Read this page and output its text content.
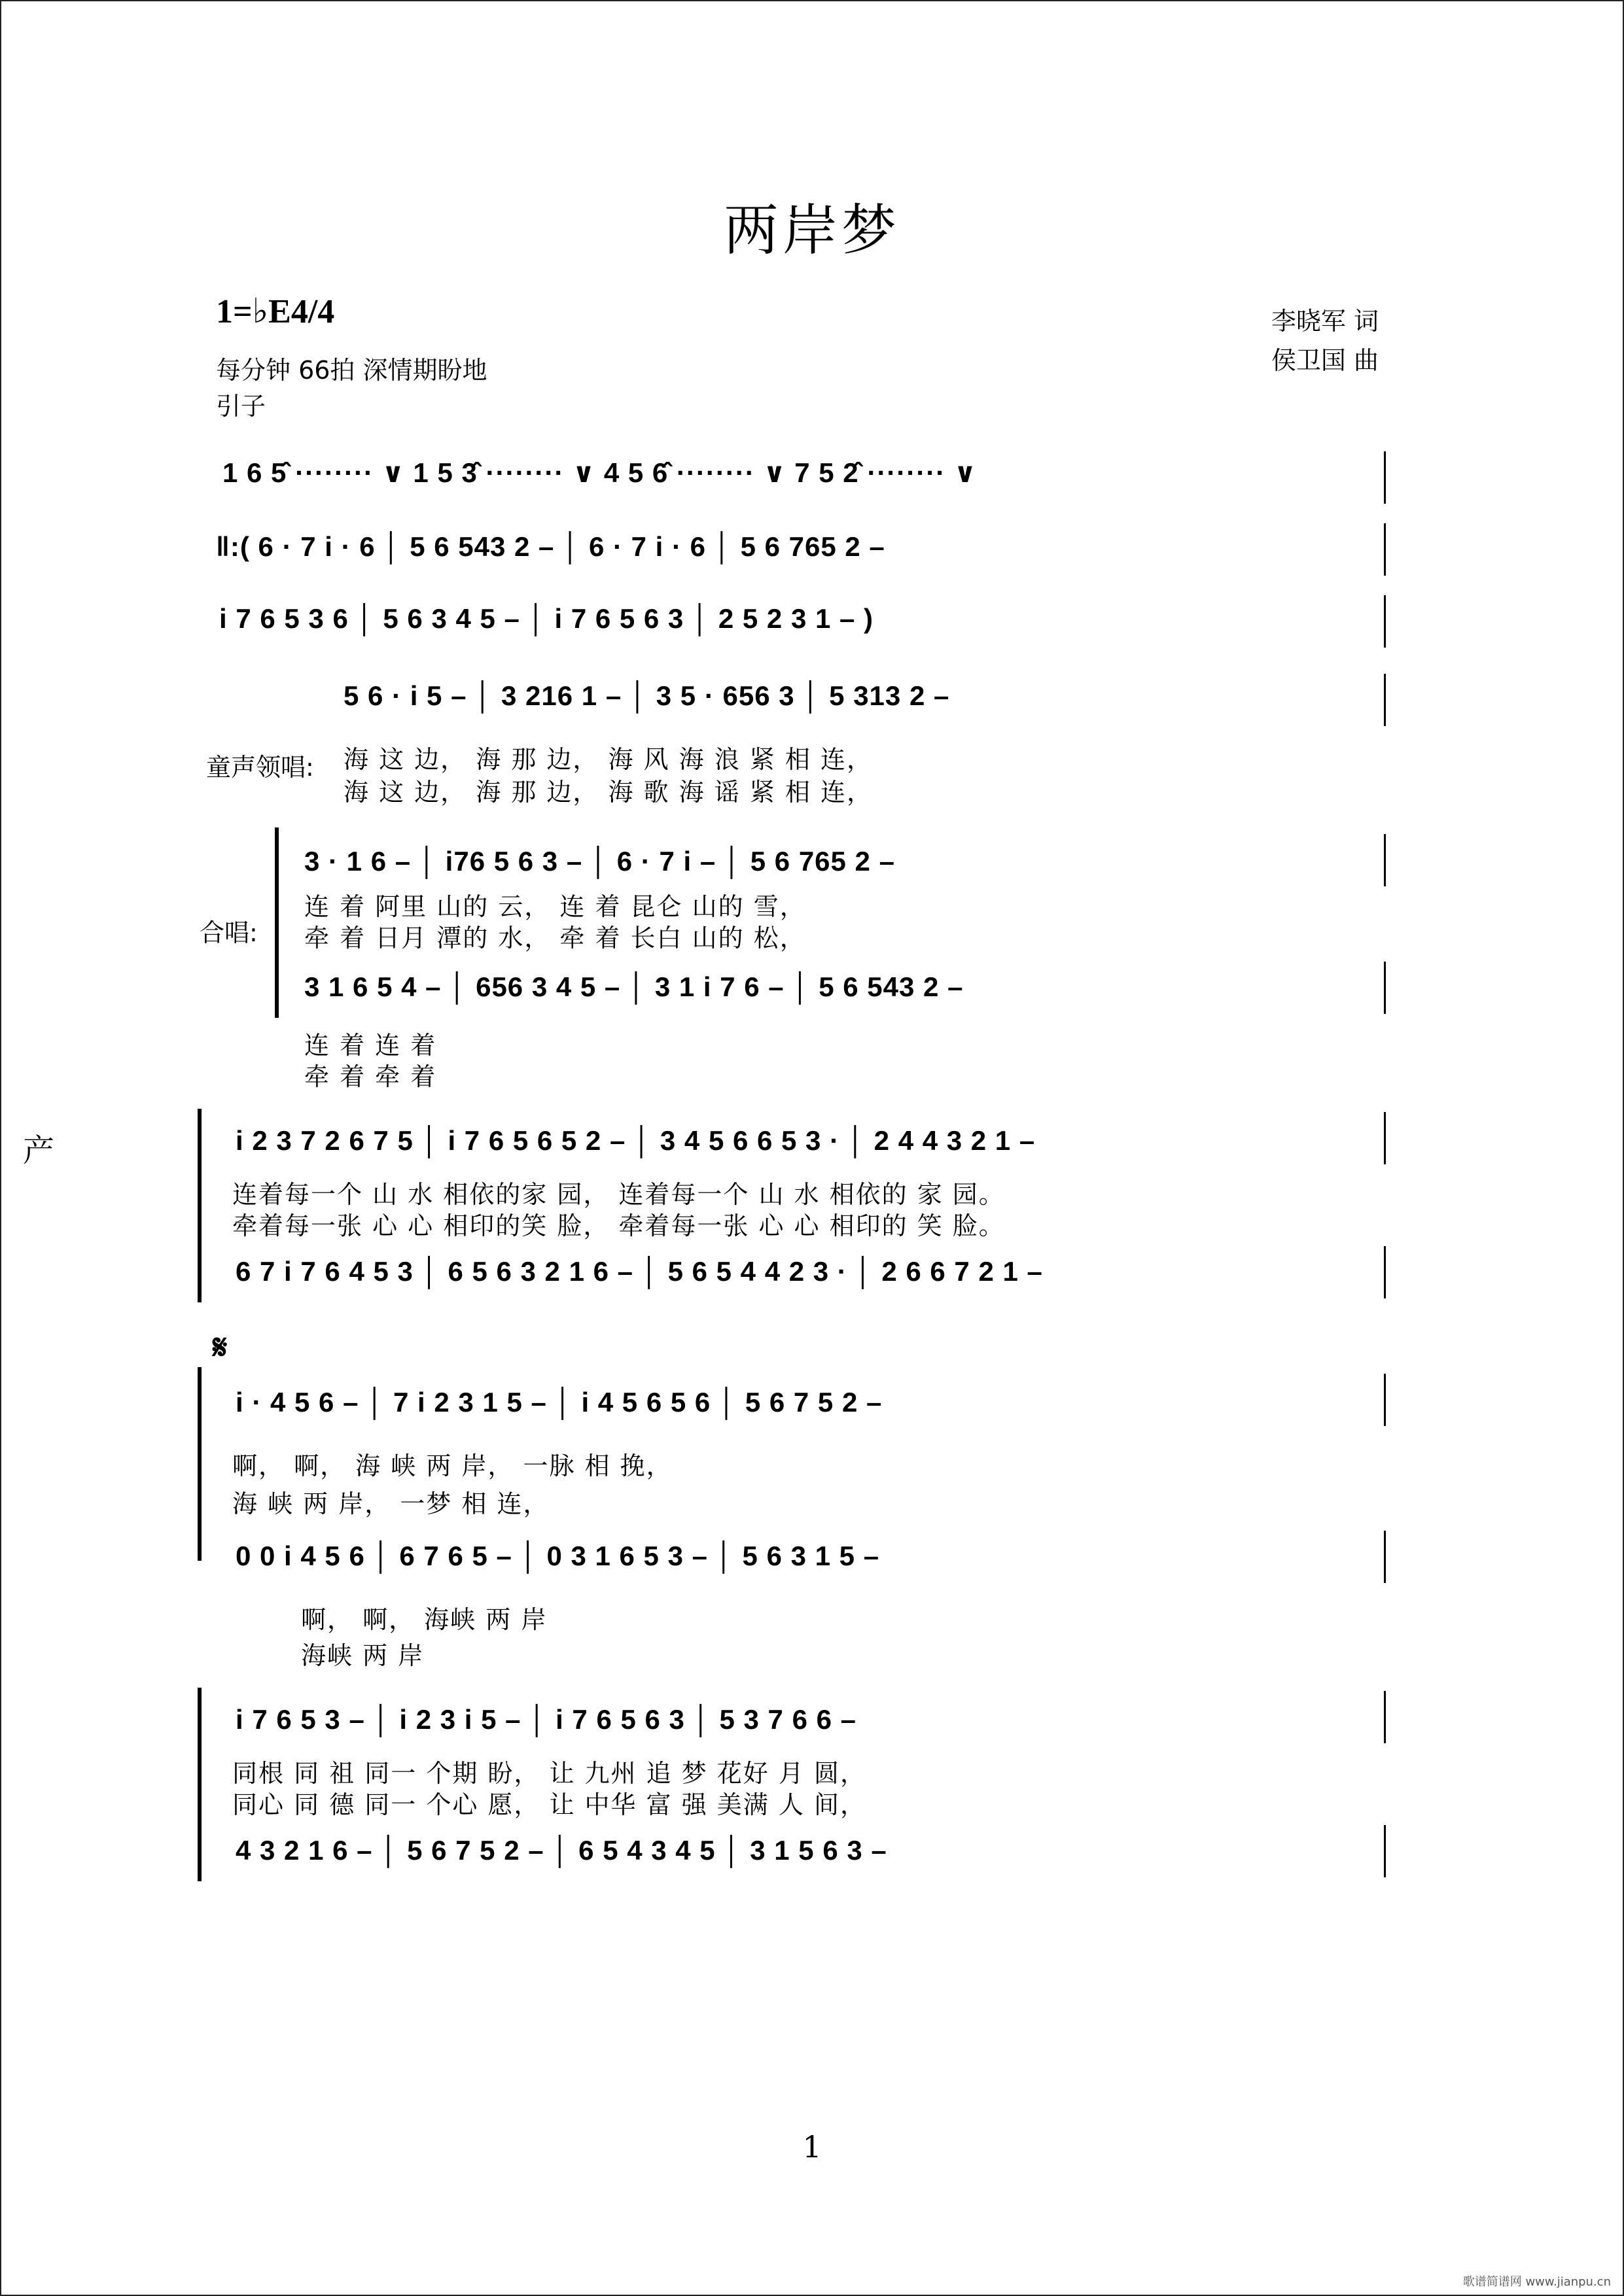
两岸梦
1=♭E4/4
每分钟 66拍 深情期盼地
引子
李晓军 词
侯卫国 曲
产
1 6 5̂ ········ ∨ 1 5 3̂ ········ ∨ 4 5 6̂ ········ ∨ 7 5 2̂ ········ ∨
‖:( 6 · 7 i · 6 │ 5 6 543 2 – │ 6 · 7 i · 6 │ 5 6 765 2 –
i 7 6 5 3 6 │ 5 6 3 4 5 – │ i 7 6 5 6 3 │ 2 5 2 3 1 – )
5 6 · i 5 – │ 3 216 1 – │ 3 5 · 656 3 │ 5 313 2 –
童声领唱: 海 这 边， 海 那 边， 海 风 海 浪 紧 相 连，
海 这 边， 海 那 边， 海 歌 海 谣 紧 相 连，
合唱:
3 · 1 6 – │ i76 5 6 3 – │ 6 · 7 i – │ 5 6 765 2 –
连 着 阿里 山的 云， 连 着 昆仑 山的 雪，
牵 着 日月 潭的 水， 牵 着 长白 山的 松，
3 1 6 5 4 – │ 656 3 4 5 – │ 3 1 i 7 6 – │ 5 6 543 2 –
连 着 连 着
牵 着 牵 着
i 2 3 7 2 6 7 5 │ i 7 6 5 6 5 2 – │ 3 4 5 6 6 5 3 · │ 2 4 4 3 2 1 –
连着每一个 山 水 相依的家 园， 连着每一个 山 水 相依的 家 园。
牵着每一张 心 心 相印的笑 脸， 牵着每一张 心 心 相印的 笑 脸。
6 7 i 7 6 4 5 3 │ 6 5 6 3 2 1 6 – │ 5 6 5 4 4 2 3 · │ 2 6 6 7 2 1 –
𝄋
i · 4 5 6 – │ 7 i 2 3 1 5 – │ i 4 5 6 5 6 │ 5 6 7 5 2 –
啊， 啊， 海 峡 两 岸， 一脉 相 挽，
海 峡 两 岸， 一梦 相 连，
0 0 i 4 5 6 │ 6 7 6 5 – │ 0 3 1 6 5 3 – │ 5 6 3 1 5 –
啊， 啊， 海峡 两 岸
海峡 两 岸
i 7 6 5 3 – │ i 2 3 i 5 – │ i 7 6 5 6 3 │ 5 3 7 6 6 –
同根 同 祖 同一 个期 盼， 让 九州 追 梦 花好 月 圆，
同心 同 德 同一 个心 愿， 让 中华 富 强 美满 人 间，
4 3 2 1 6 – │ 5 6 7 5 2 – │ 6 5 4 3 4 5 │ 3 1 5 6 3 –
1
歌谱简谱网 www.jianpu.cn
